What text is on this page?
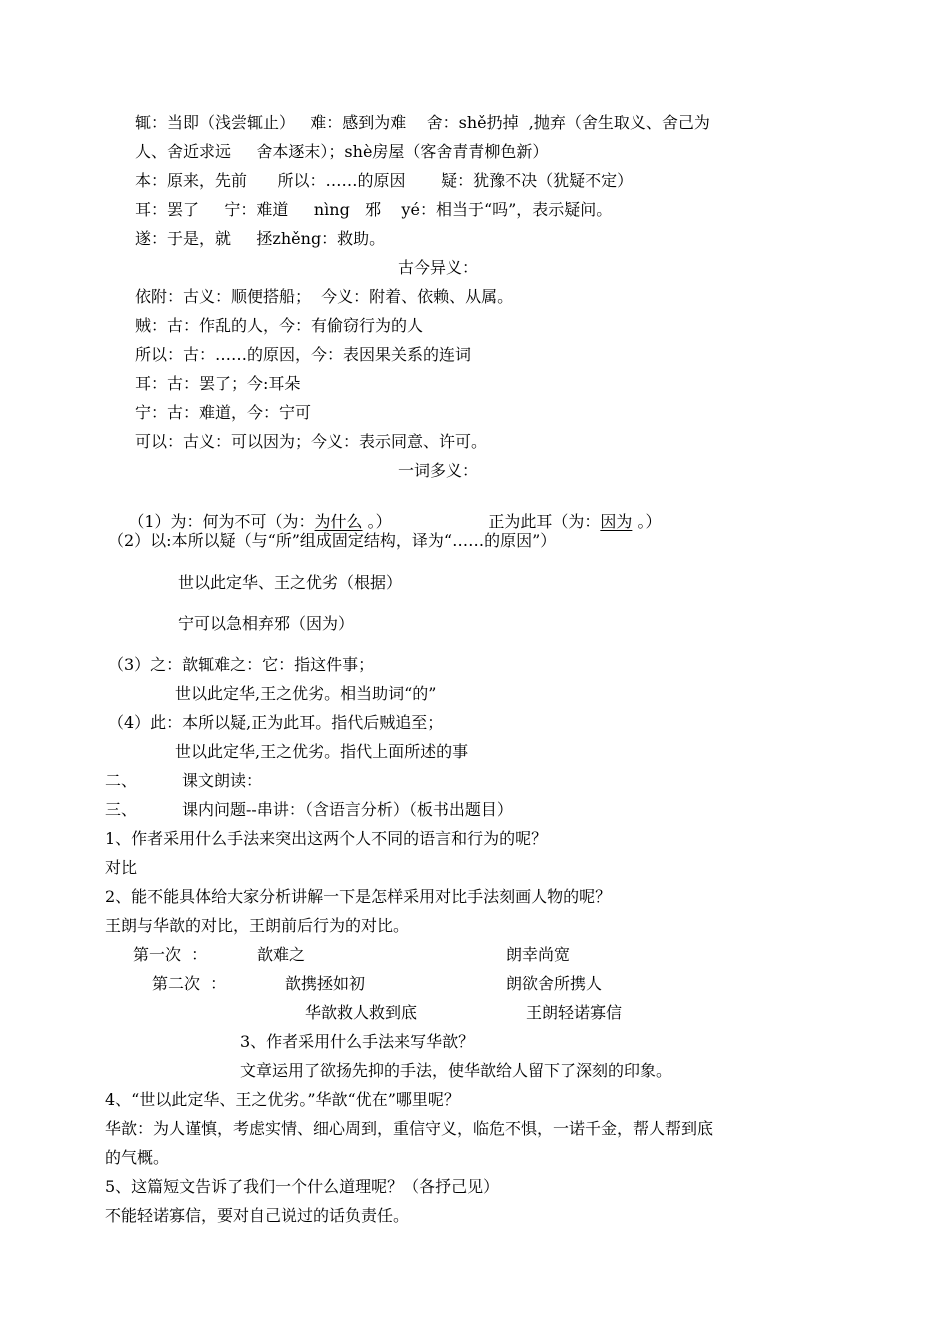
辄：当即（浅尝辄止）   难：感到为难    舍：shě扔掉  ,抛弃（舍生取义、舍己为

人、舍近求远     舍本逐末）；shè房屋（客舍青青柳色新）

本：原来，先前      所以：……的原因       疑：犹豫不决（犹疑不定）

耳：罢了     宁：难道     nìng   邪    yé：相当于“吗”，表示疑问。

遂：于是，就     拯zhěng：救助。

古今异义：

依附：古义：顺便搭船；  今义：附着、依赖、从属。

贼：古：作乱的人，今：有偷窃行为的人

所以：古：……的原因，今：表因果关系的连词

耳：古：罢了；今:耳朵

宁：古：难道，今：宁可

可以：古义：可以因为；今义：表示同意、许可。

一词多义：

（1）为：何为不可（为：为什么 。）
	正为此耳（为：因为 。）

（2）以:本所以疑（与“所”组成固定结构，译为“……的原因”）

世以此定华、王之优劣（根据）

宁可以急相弃邪（因为）

（3）之：歆辄难之：它：指这件事；

世以此定华,王之优劣。相当助词“的”

（4）此：本所以疑,正为此耳。指代后贼追至；

世以此定华,王之优劣。指代上面所述的事

二、	课文朗读：

三、	课内问题--串讲：（含语言分析）（板书出题目）

1、作者采用什么手法来突出这两个人不同的语言和行为的呢？

对比

2、能不能具体给大家分析讲解一下是怎样采用对比手法刻画人物的呢？

王朗与华歆的对比，王朗前后行为的对比。

第一次  ：	歆难之	朗幸尚宽

第二次  ：	歆携拯如初	朗欲舍所携人

华歆救人救到底	王朗轻诺寡信

3、作者采用什么手法来写华歆？

文章运用了欲扬先抑的手法，使华歆给人留下了深刻的印象。

4、“世以此定华、王之优劣。”华歆“优在”哪里呢？

华歆：为人谨慎，考虑实情、细心周到，重信守义，临危不惧，一诺千金，帮人帮到底

的气概。

5、这篇短文告诉了我们一个什么道理呢？（各抒己见）

不能轻诺寡信，要对自己说过的话负责任。
